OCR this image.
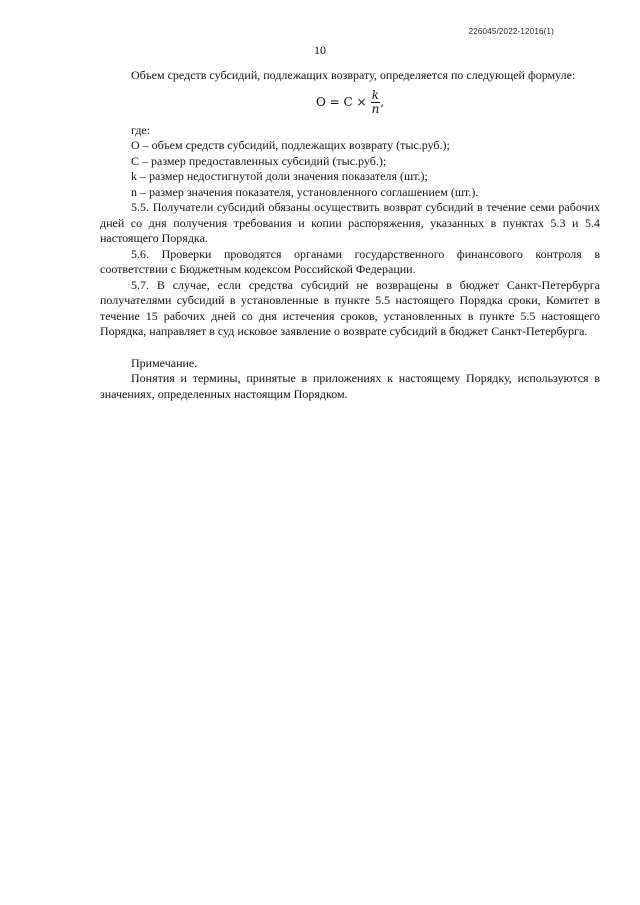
226045/2022-12016(1)
10

Объем средств субсидий, подлежащих возврату, определяется по следующей формуле:

$O = C \times \frac{k}{n}$ ,

где:

O – объем средств субсидий, подлежащих возврату (тыс.руб.);

C – размер предоставленных субсидий (тыс.руб.);

k – размер недостигнутой доли значения показателя (шт.);

n – размер значения показателя, установленного соглашением (шт.).

5.5. Получатели субсидий обязаны осуществить возврат субсидий в течение семи рабочих дней со дня получения требования и копии распоряжения, указанных в пунктах 5.3 и 5.4 настоящего Порядка.

5.6. Проверки проводятся органами государственного финансового контроля в соответствии с Бюджетным кодексом Российской Федерации.

5.7. В случае, если средства субсидий не возвращены в бюджет Санкт-Петербурга получателями субсидий в установленные в пункте 5.5 настоящего Порядка сроки, Комитет в течение 15 рабочих дней со дня истечения сроков, установленных в пункте 5.5 настоящего Порядка, направляет в суд исковое заявление о возврате субсидий в бюджет Санкт-Петербурга.

Примечание.

Понятия и термины, принятые в приложениях к настоящему Порядку, используются в значениях, определенных настоящим Порядком.
